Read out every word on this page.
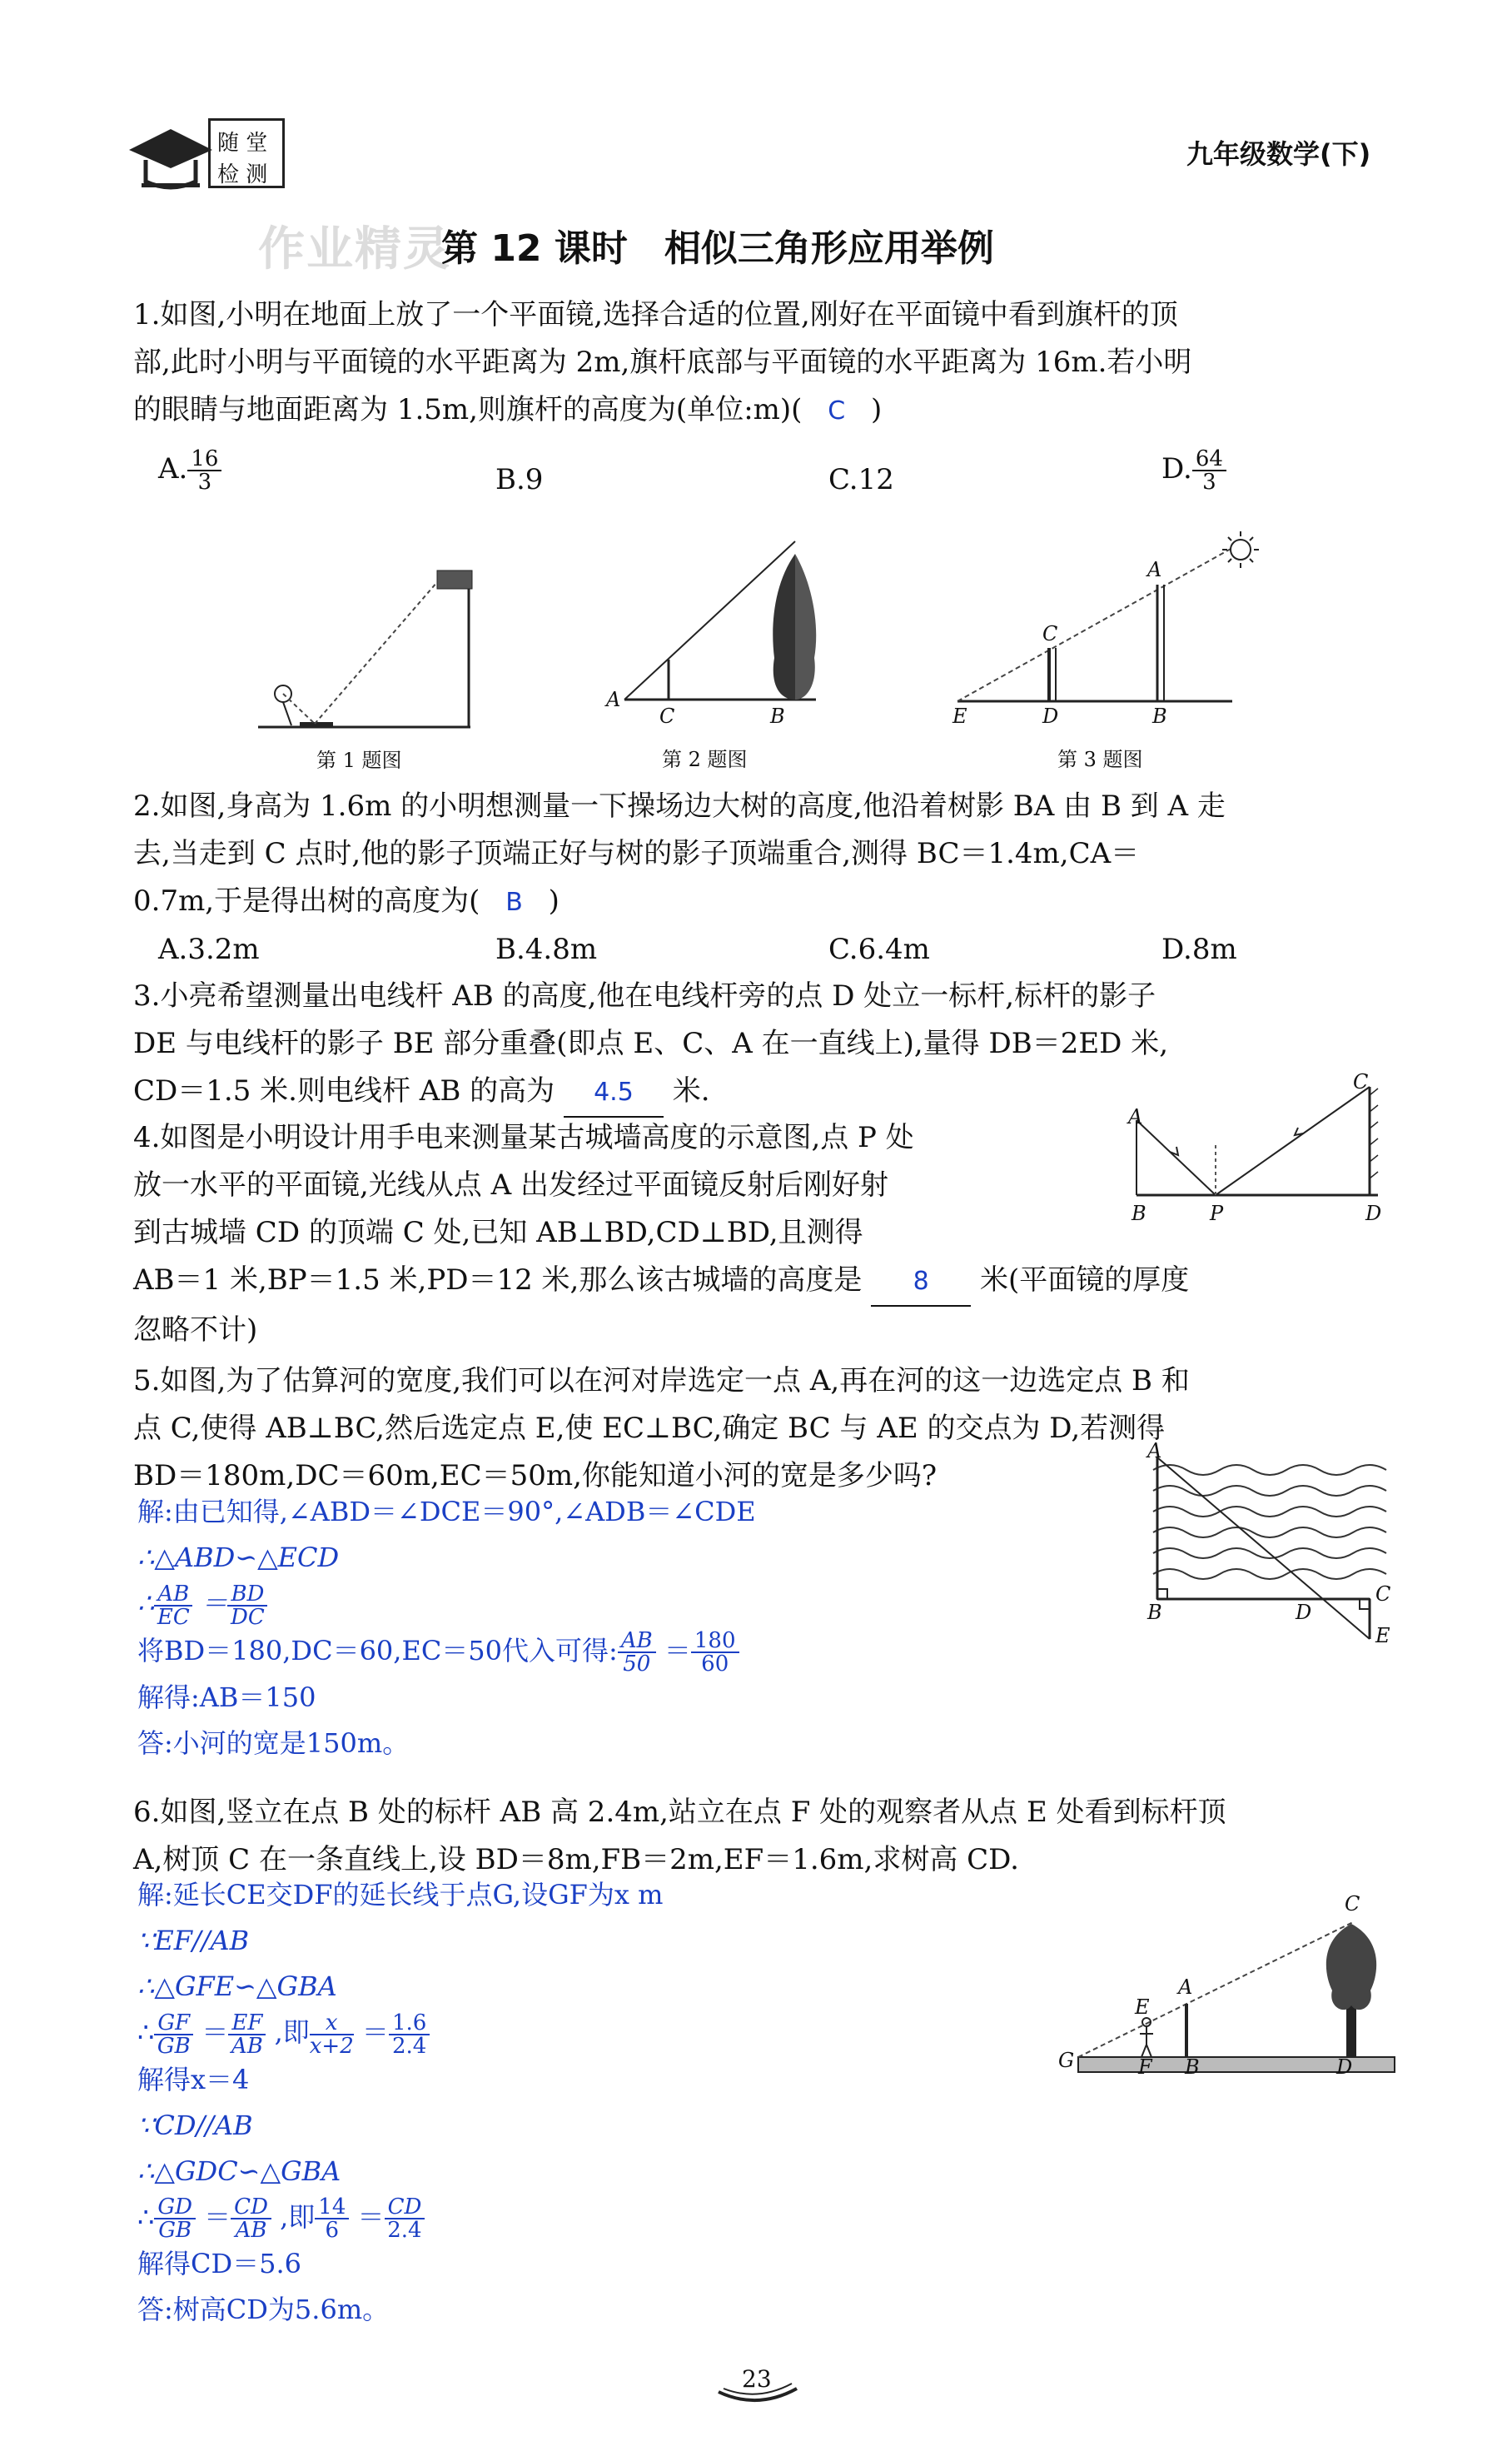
随 堂
检 测
九年级数学(下)
作业精灵
第 12 课时　相似三角形应用举例
1.如图,小明在地面上放了一个平面镜,选择合适的位置,刚好在平面镜中看到旗杆的顶
部,此时小明与平面镜的水平距离为 2m,旗杆底部与平面镜的水平距离为 16m.若小明
的眼睛与地面距离为 1.5m,则旗杆的高度为(单位:m)( C )
A. $\frac{16}{3}$	B.9	C.12	D. $\frac{64}{3}$
第 1 题图
A
C	B
第 2 题图
A
C
E	D	B
第 3 题图
2.如图,身高为 1.6m 的小明想测量一下操场边大树的高度,他沿着树影 BA 由 B 到 A 走
去,当走到 C 点时,他的影子顶端正好与树的影子顶端重合,测得 BC＝1.4m,CA＝
0.7m,于是得出树的高度为( B )
A.3.2m	B.4.8m	C.6.4m	D.8m
3.小亮希望测量出电线杆 AB 的高度,他在电线杆旁的点 D 处立一标杆,标杆的影子
DE 与电线杆的影子 BE 部分重叠(即点 E、C、A 在一直线上),量得 DB＝2ED 米,
CD＝1.5 米.则电线杆 AB 的高为 4.5 米.
4.如图是小明设计用手电来测量某古城墙高度的示意图,点 P 处
放一水平的平面镜,光线从点 A 出发经过平面镜反射后刚好射
到古城墙 CD 的顶端 C 处,已知 AB⊥BD,CD⊥BD,且测得
AB＝1 米,BP＝1.5 米,PD＝12 米,那么该古城墙的高度是 8 米(平面镜的厚度
忽略不计)
A
C
B	P	D
5.如图,为了估算河的宽度,我们可以在河对岸选定一点 A,再在河的这一边选定点 B 和
点 C,使得 AB⊥BC,然后选定点 E,使 EC⊥BC,确定 BC 与 AE 的交点为 D,若测得
BD＝180m,DC＝60m,EC＝50m,你能知道小河的宽是多少吗?
解:由已知得,∠ABD＝∠DCE＝90°,∠ADB＝∠CDE
∴△ABD∽△ECD
∴ $\frac{AB}{EC} = \frac{BD}{DC}$
将BD＝180,DC＝60,EC＝50代入可得: $\frac{AB}{50} = \frac{180}{60}$
解得:AB＝150
答:小河的宽是150m。
A
B	D
C
E
6.如图,竖立在点 B 处的标杆 AB 高 2.4m,站立在点 F 处的观察者从点 E 处看到标杆顶
A,树顶 C 在一条直线上,设 BD＝8m,FB＝2m,EF＝1.6m,求树高 CD.
解:延长CE交DF的延长线于点G,设GF为x m
∵EF//AB
∴△GFE∽△GBA
∴ $\frac{GF}{GB} = \frac{EF}{AB}$ ,即 $\frac{x}{x+2} = \frac{1.6}{2.4}$
解得x＝4
∵CD//AB
∴△GDC∽△GBA
∴ $\frac{GD}{GB} = \frac{CD}{AB}$ ,即 $\frac{14}{6} = \frac{CD}{2.4}$
解得CD＝5.6
答:树高CD为5.6m。
C
A
E
G	F B	D
23
